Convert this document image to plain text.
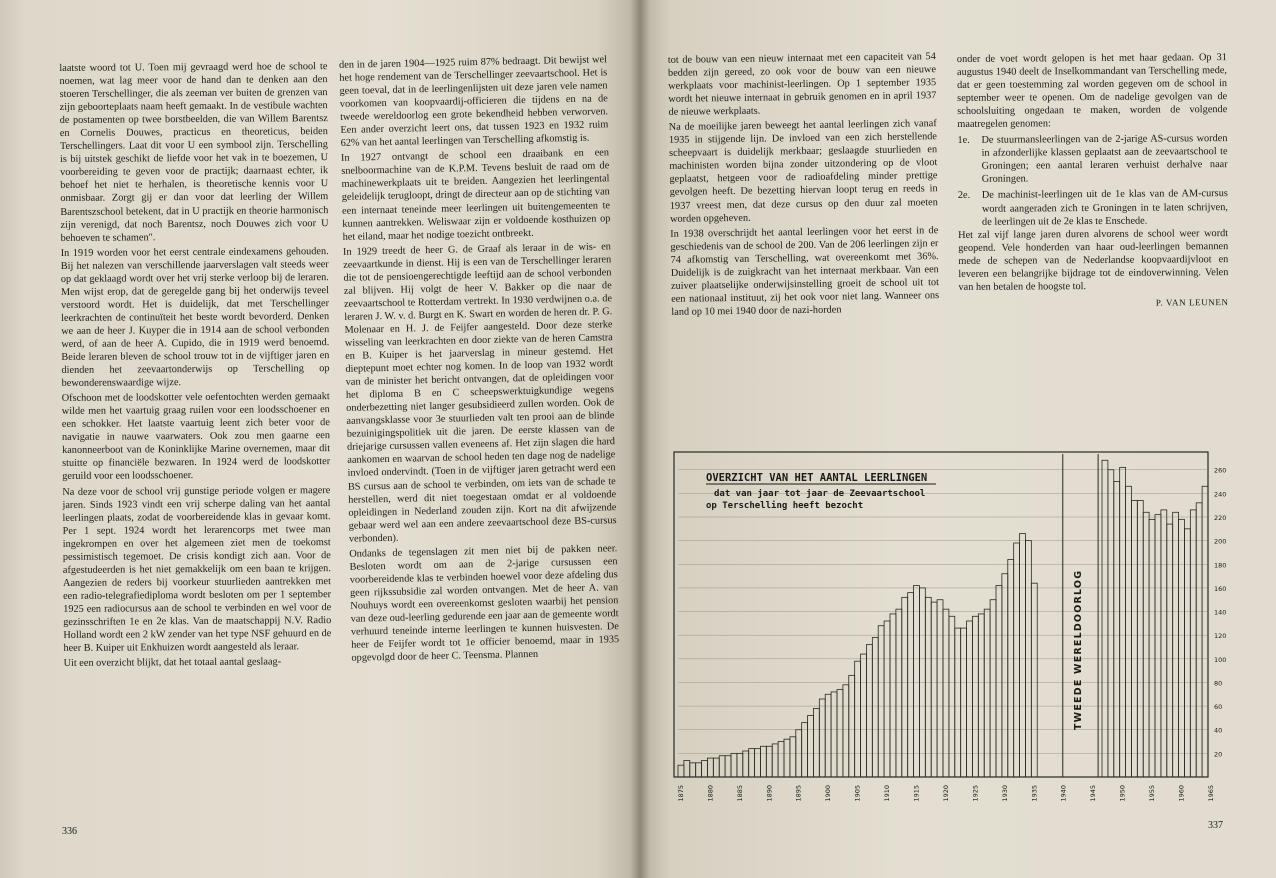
laatste woord tot U. Toen mij gevraagd werd hoe de school te noemen, wat lag meer voor de hand dan te denken aan den stoeren Terschellinger, die als zeeman ver buiten de grenzen van zijn geboorteplaats naam heeft gemaakt. In de vestibule wachten de postamenten op twee borstbeelden, die van Willem Barentsz en Cornelis Douwes, practicus en theoreticus, beiden Terschellingers. Laat dit voor U een symbool zijn. Terschelling is bij uitstek geschikt de liefde voor het vak in te boezemen, U voorbereiding te geven voor de practijk; daarnaast echter, ik behoef het niet te herhalen, is theoretische kennis voor U onmisbaar. Zorgt gij er dan voor dat leerling der Willem Barentszschool betekent, dat in U practijk en theorie harmonisch zijn verenigd, dat noch Barentsz, noch Douwes zich voor U behoeven te schamen".

In 1919 worden voor het eerst centrale eindexamens gehouden. Bij het nalezen van verschillende jaarverslagen valt steeds weer op dat geklaagd wordt over het vrij sterke verloop bij de leraren. Men wijst erop, dat de geregelde gang bij het onderwijs teveel verstoord wordt. Het is duidelijk, dat met Terschellinger leerkrachten de continuïteit het beste wordt bevorderd. Denken we aan de heer J. Kuyper die in 1914 aan de school verbonden werd, of aan de heer A. Cupido, die in 1919 werd benoemd. Beide leraren bleven de school trouw tot in de vijftiger jaren en dienden het zeevaartonderwijs op Terschelling op bewonderenswaardige wijze.

Ofschoon met de loodskotter vele oefentochten werden gemaakt wilde men het vaartuig graag ruilen voor een loodsschoener en een schokker. Het laatste vaartuig leent zich beter voor de navigatie in nauwe vaarwaters. Ook zou men gaarne een kanonneerboot van de Koninklijke Marine overnemen, maar dit stuitte op financiële bezwaren. In 1924 werd de loodskotter geruild voor een loodsschoener.

Na deze voor de school vrij gunstige periode volgen er magere jaren. Sinds 1923 vindt een vrij scherpe daling van het aantal leerlingen plaats, zodat de voorbereidende klas in gevaar komt. Per 1 sept. 1924 wordt het lerarencorps met twee man ingekrompen en over het algemeen ziet men de toekomst pessimistisch tegemoet. De crisis kondigt zich aan. Voor de afgestudeerden is het niet gemakkelijk om een baan te krijgen. Aangezien de reders bij voorkeur stuurlieden aantrekken met een radio-telegrafiediploma wordt besloten om per 1 september 1925 een radiocursus aan de school te verbinden en wel voor de gezinsschriften 1e en 2e klas. Van de maatschappij N.V. Radio Holland wordt een 2 kW zender van het type NSF gehuurd en de heer B. Kuiper uit Enkhuizen wordt aangesteld als leraar.

Uit een overzicht blijkt, dat het totaal aantal geslaag-

den in de jaren 1904—1925 ruim 87% bedraagt. Dit bewijst wel het hoge rendement van de Terschellinger zeevaartschool. Het is geen toeval, dat in de leerlingenlijsten uit deze jaren vele namen voorkomen van koopvaardij-officieren die tijdens en na de tweede wereldoorlog een grote bekendheid hebben verworven. Een ander overzicht leert ons, dat tussen 1923 en 1932 ruim 62% van het aantal leerlingen van Terschelling afkomstig is.

In 1927 ontvangt de school een draaibank en een snelboormachine van de K.P.M. Tevens besluit de raad om de machinewerkplaats uit te breiden. Aangezien het leerlingental geleidelijk terugloopt, dringt de directeur aan op de stichting van een internaat teneinde meer leerlingen uit buitengemeenten te kunnen aantrekken. Weliswaar zijn er voldoende kosthuizen op het eiland, maar het nodige toezicht ontbreekt.

In 1929 treedt de heer G. de Graaf als leraar in de wis- en zeevaartkunde in dienst. Hij is een van de Terschellinger leraren die tot de pensioengerechtigde leeftijd aan de school verbonden zal blijven. Hij volgt de heer V. Bakker op die naar de zeevaartschool te Rotterdam vertrekt. In 1930 verdwijnen o.a. de leraren J. W. v. d. Burgt en K. Swart en worden de heren dr. P. G. Molenaar en H. J. de Feijfer aangesteld. Door deze sterke wisseling van leerkrachten en door ziekte van de heren Camstra en B. Kuiper is het jaarverslag in mineur gestemd. Het dieptepunt moet echter nog komen. In de loop van 1932 wordt van de minister het bericht ontvangen, dat de opleidingen voor het diploma B en C scheepswerktuigkundige wegens onderbezetting niet langer gesubsidieerd zullen worden. Ook de aanvangsklasse voor 3e stuurlieden valt ten prooi aan de blinde bezuinigingspolitiek uit die jaren. De eerste klassen van de driejarige cursussen vallen eveneens af. Het zijn slagen die hard aankomen en waarvan de school heden ten dage nog de nadelige invloed ondervindt. (Toen in de vijftiger jaren getracht werd een BS cursus aan de school te verbinden, om iets van de schade te herstellen, werd dit niet toegestaan omdat er al voldoende opleidingen in Nederland zouden zijn. Kort na dit afwijzende gebaar werd wel aan een andere zeevaartschool deze BS-cursus verbonden).

Ondanks de tegenslagen zit men niet bij de pakken neer. Besloten wordt om aan de 2-jarige cursussen een voorbereidende klas te verbinden hoewel voor deze afdeling dus geen rijkssubsidie zal worden ontvangen. Met de heer A. van Nouhuys wordt een overeenkomst gesloten waarbij het pension van deze oud-leerling gedurende een jaar aan de gemeente wordt verhuurd teneinde interne leerlingen te kunnen huisvesten. De heer de Feijfer wordt tot 1e officier benoemd, maar in 1935 opgevolgd door de heer C. Teensma. Plannen

336

tot de bouw van een nieuw internaat met een capaciteit van 54 bedden zijn gereed, zo ook voor de bouw van een nieuwe werkplaats voor machinist-leerlingen. Op 1 september 1935 wordt het nieuwe internaat in gebruik genomen en in april 1937 de nieuwe werkplaats.

Na de moeilijke jaren beweegt het aantal leerlingen zich vanaf 1935 in stijgende lijn. De invloed van een zich herstellende scheepvaart is duidelijk merkbaar; geslaagde stuurlieden en machinisten worden bijna zonder uitzondering op de vloot geplaatst, hetgeen voor de radioafdeling minder prettige gevolgen heeft. De bezetting hiervan loopt terug en reeds in 1937 vreest men, dat deze cursus op den duur zal moeten worden opgeheven.

In 1938 overschrijdt het aantal leerlingen voor het eerst in de geschiedenis van de school de 200. Van de 206 leerlingen zijn er 74 afkomstig van Terschelling, wat overeenkomt met 36%. Duidelijk is de zuigkracht van het internaat merkbaar. Van een zuiver plaatselijke onderwijsinstelling groeit de school uit tot een nationaal instituut, zij het ook voor niet lang. Wanneer ons land op 10 mei 1940 door de nazi-horden

onder de voet wordt gelopen is het met haar gedaan. Op 31 augustus 1940 deelt de Inselkommandant van Terschelling mede, dat er geen toestemming zal worden gegeven om de school in september weer te openen. Om de nadelige gevolgen van de schoolsluiting ongedaan te maken, worden de volgende maatregelen genomen:

1e.	De stuurmansleerlingen van de 2-jarige AS-cursus worden in afzonderlijke klassen geplaatst aan de zeevaartschool te Groningen; een aantal leraren verhuist derhalve naar Groningen.
2e.	De machinist-leerlingen uit de 1e klas van de AM-cursus wordt aangeraden zich te Groningen in te laten schrijven, de leerlingen uit de 2e klas te Enschede.

Het zal vijf lange jaren duren alvorens de school weer wordt geopend. Vele honderden van haar oud-leerlingen bemannen mede de schepen van de Nederlandse koopvaardijvloot en leveren een belangrijke bijdrage tot de eindoverwinning. Velen van hen betalen de hoogste tol.

P. VAN LEUNEN
337
20
40
60
80
100
120
140
160
180
200
220
240
260
1875	1880	1885	1890	1895	1900	1905	1910	1915	1920	1925	1930	1935	1940	1945	1950	1955	1960	1965
OVERZICHT VAN HET AANTAL LEERLINGEN
dat van jaar tot jaar de Zeevaartschool
op Terschelling heeft bezocht
TWEEDE WERELDOORLOG
